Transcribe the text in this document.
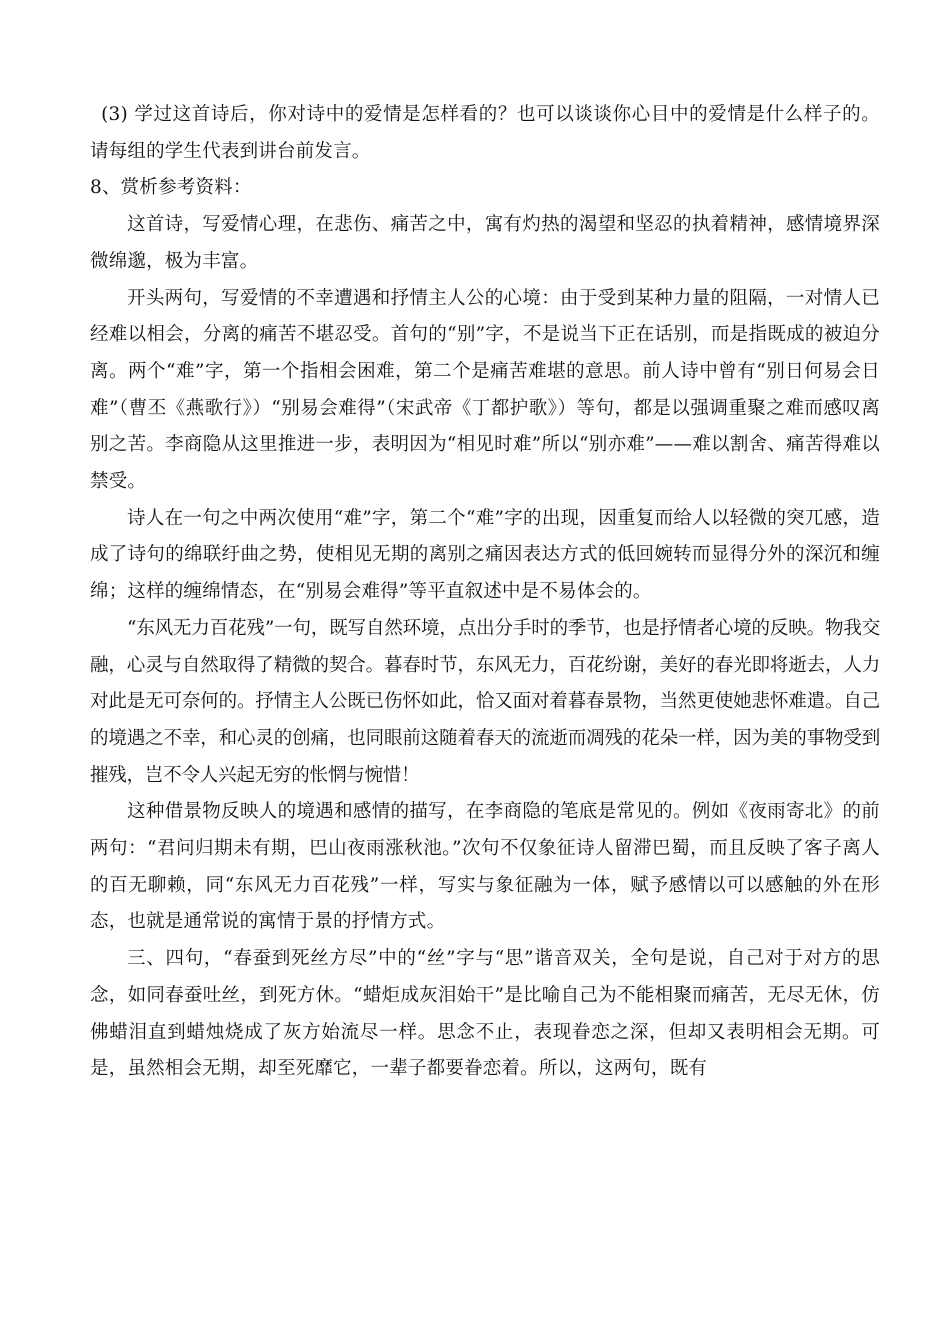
(3) 学过这首诗后，你对诗中的爱情是怎样看的？也可以谈谈你心目中的爱情是什么样子的。 请每组的学生代表到讲台前发言。

8、赏析参考资料：

这首诗，写爱情心理，在悲伤、痛苦之中，寓有灼热的渴望和坚忍的执着精神，感情境界深微绵邈，极为丰富。

开头两句，写爱情的不幸遭遇和抒情主人公的心境：由于受到某种力量的阻隔，一对情人已经难以相会，分离的痛苦不堪忍受。首句的“别”字，不是说当下正在话别，而是指既成的被迫分离。两个“难”字，第一个指相会困难，第二个是痛苦难堪的意思。前人诗中曾有“别日何易会日难”（曹丕《燕歌行》）“别易会难得”（宋武帝《丁都护歌》）等句，都是以强调重聚之难而感叹离别之苦。李商隐从这里推进一步，表明因为“相见时难”所以“别亦难”——难以割舍、痛苦得难以禁受。

诗人在一句之中两次使用“难”字，第二个“难”字的出现，因重复而给人以轻微的突兀感，造成了诗句的绵联纡曲之势，使相见无期的离别之痛因表达方式的低回婉转而显得分外的深沉和缠绵；这样的缠绵情态，在“别易会难得”等平直叙述中是不易体会的。

“东风无力百花残”一句，既写自然环境，点出分手时的季节，也是抒情者心境的反映。物我交融，心灵与自然取得了精微的契合。暮春时节，东风无力，百花纷谢，美好的春光即将逝去，人力对此是无可奈何的。抒情主人公既已伤怀如此，恰又面对着暮春景物，当然更使她悲怀难遣。自己的境遇之不幸，和心灵的创痛，也同眼前这随着春天的流逝而凋残的花朵一样，因为美的事物受到摧残，岂不令人兴起无穷的怅惘与惋惜！

这种借景物反映人的境遇和感情的描写，在李商隐的笔底是常见的。例如《夜雨寄北》的前两句：“君问归期未有期，巴山夜雨涨秋池。”次句不仅象征诗人留滞巴蜀，而且反映了客子离人的百无聊赖，同“东风无力百花残”一样，写实与象征融为一体，赋予感情以可以感触的外在形态，也就是通常说的寓情于景的抒情方式。

三、四句，“春蚕到死丝方尽”中的“丝”字与“思”谐音双关，全句是说，自己对于对方的思念，如同春蚕吐丝，到死方休。“蜡炬成灰泪始干”是比喻自己为不能相聚而痛苦，无尽无休，仿佛蜡泪直到蜡烛烧成了灰方始流尽一样。思念不止，表现眷恋之深，但却又表明相会无期。可是，虽然相会无期，却至死靡它，一辈子都要眷恋着。所以，这两句，既有
